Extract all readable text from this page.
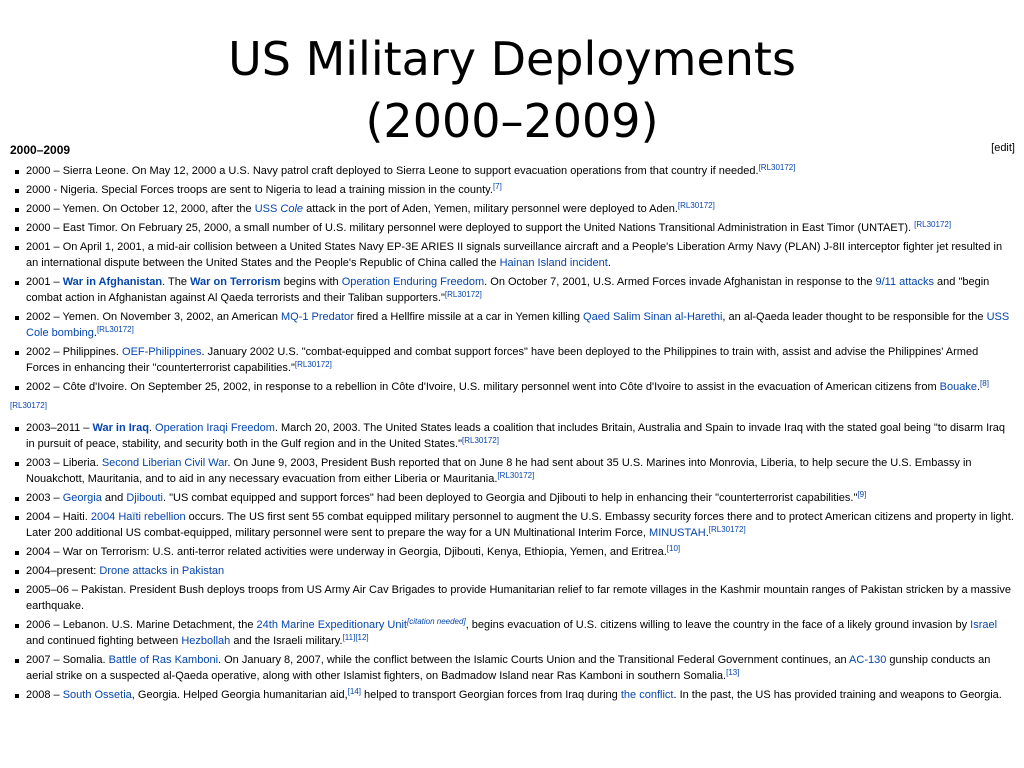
US Military Deployments
(2000–2009)
2000–2009	[edit]
2000 – Sierra Leone. On May 12, 2000 a U.S. Navy patrol craft deployed to Sierra Leone to support evacuation operations from that country if needed.[RL30172]
2000 - Nigeria. Special Forces troops are sent to Nigeria to lead a training mission in the county.[7]
2000 – Yemen. On October 12, 2000, after the USS Cole attack in the port of Aden, Yemen, military personnel were deployed to Aden.[RL30172]
2000 – East Timor. On February 25, 2000, a small number of U.S. military personnel were deployed to support the United Nations Transitional Administration in East Timor (UNTAET). [RL30172]
2001 – On April 1, 2001, a mid-air collision between a United States Navy EP-3E ARIES II signals surveillance aircraft and a People's Liberation Army Navy (PLAN) J-8II interceptor fighter jet resulted in an international dispute between the United States and the People's Republic of China called the Hainan Island incident.
2001 – War in Afghanistan. The War on Terrorism begins with Operation Enduring Freedom. On October 7, 2001, U.S. Armed Forces invade Afghanistan in response to the 9/11 attacks and "begin combat action in Afghanistan against Al Qaeda terrorists and their Taliban supporters."[RL30172]
2002 – Yemen. On November 3, 2002, an American MQ-1 Predator fired a Hellfire missile at a car in Yemen killing Qaed Salim Sinan al-Harethi, an al-Qaeda leader thought to be responsible for the USS Cole bombing.[RL30172]
2002 – Philippines. OEF-Philippines. January 2002 U.S. "combat-equipped and combat support forces" have been deployed to the Philippines to train with, assist and advise the Philippines' Armed Forces in enhancing their "counterterrorist capabilities."[RL30172]
2002 – Côte d'Ivoire. On September 25, 2002, in response to a rebellion in Côte d'Ivoire, U.S. military personnel went into Côte d'Ivoire to assist in the evacuation of American citizens from Bouake.[8]
[RL30172]
2003–2011 – War in Iraq. Operation Iraqi Freedom. March 20, 2003. The United States leads a coalition that includes Britain, Australia and Spain to invade Iraq with the stated goal being "to disarm Iraq in pursuit of peace, stability, and security both in the Gulf region and in the United States."[RL30172]
2003 – Liberia. Second Liberian Civil War. On June 9, 2003, President Bush reported that on June 8 he had sent about 35 U.S. Marines into Monrovia, Liberia, to help secure the U.S. Embassy in Nouakchott, Mauritania, and to aid in any necessary evacuation from either Liberia or Mauritania.[RL30172]
2003 – Georgia and Djibouti. "US combat equipped and support forces" had been deployed to Georgia and Djibouti to help in enhancing their "counterterrorist capabilities."[9]
2004 – Haiti. 2004 Haïti rebellion occurs. The US first sent 55 combat equipped military personnel to augment the U.S. Embassy security forces there and to protect American citizens and property in light. Later 200 additional US combat-equipped, military personnel were sent to prepare the way for a UN Multinational Interim Force, MINUSTAH.[RL30172]
2004 – War on Terrorism: U.S. anti-terror related activities were underway in Georgia, Djibouti, Kenya, Ethiopia, Yemen, and Eritrea.[10]
2004–present: Drone attacks in Pakistan
2005–06 – Pakistan. President Bush deploys troops from US Army Air Cav Brigades to provide Humanitarian relief to far remote villages in the Kashmir mountain ranges of Pakistan stricken by a massive earthquake.
2006 – Lebanon. U.S. Marine Detachment, the 24th Marine Expeditionary Unit[citation needed], begins evacuation of U.S. citizens willing to leave the country in the face of a likely ground invasion by Israel and continued fighting between Hezbollah and the Israeli military.[11][12]
2007 – Somalia. Battle of Ras Kamboni. On January 8, 2007, while the conflict between the Islamic Courts Union and the Transitional Federal Government continues, an AC-130 gunship conducts an aerial strike on a suspected al-Qaeda operative, along with other Islamist fighters, on Badmadow Island near Ras Kamboni in southern Somalia.[13]
2008 – South Ossetia, Georgia. Helped Georgia humanitarian aid,[14] helped to transport Georgian forces from Iraq during the conflict. In the past, the US has provided training and weapons to Georgia.
